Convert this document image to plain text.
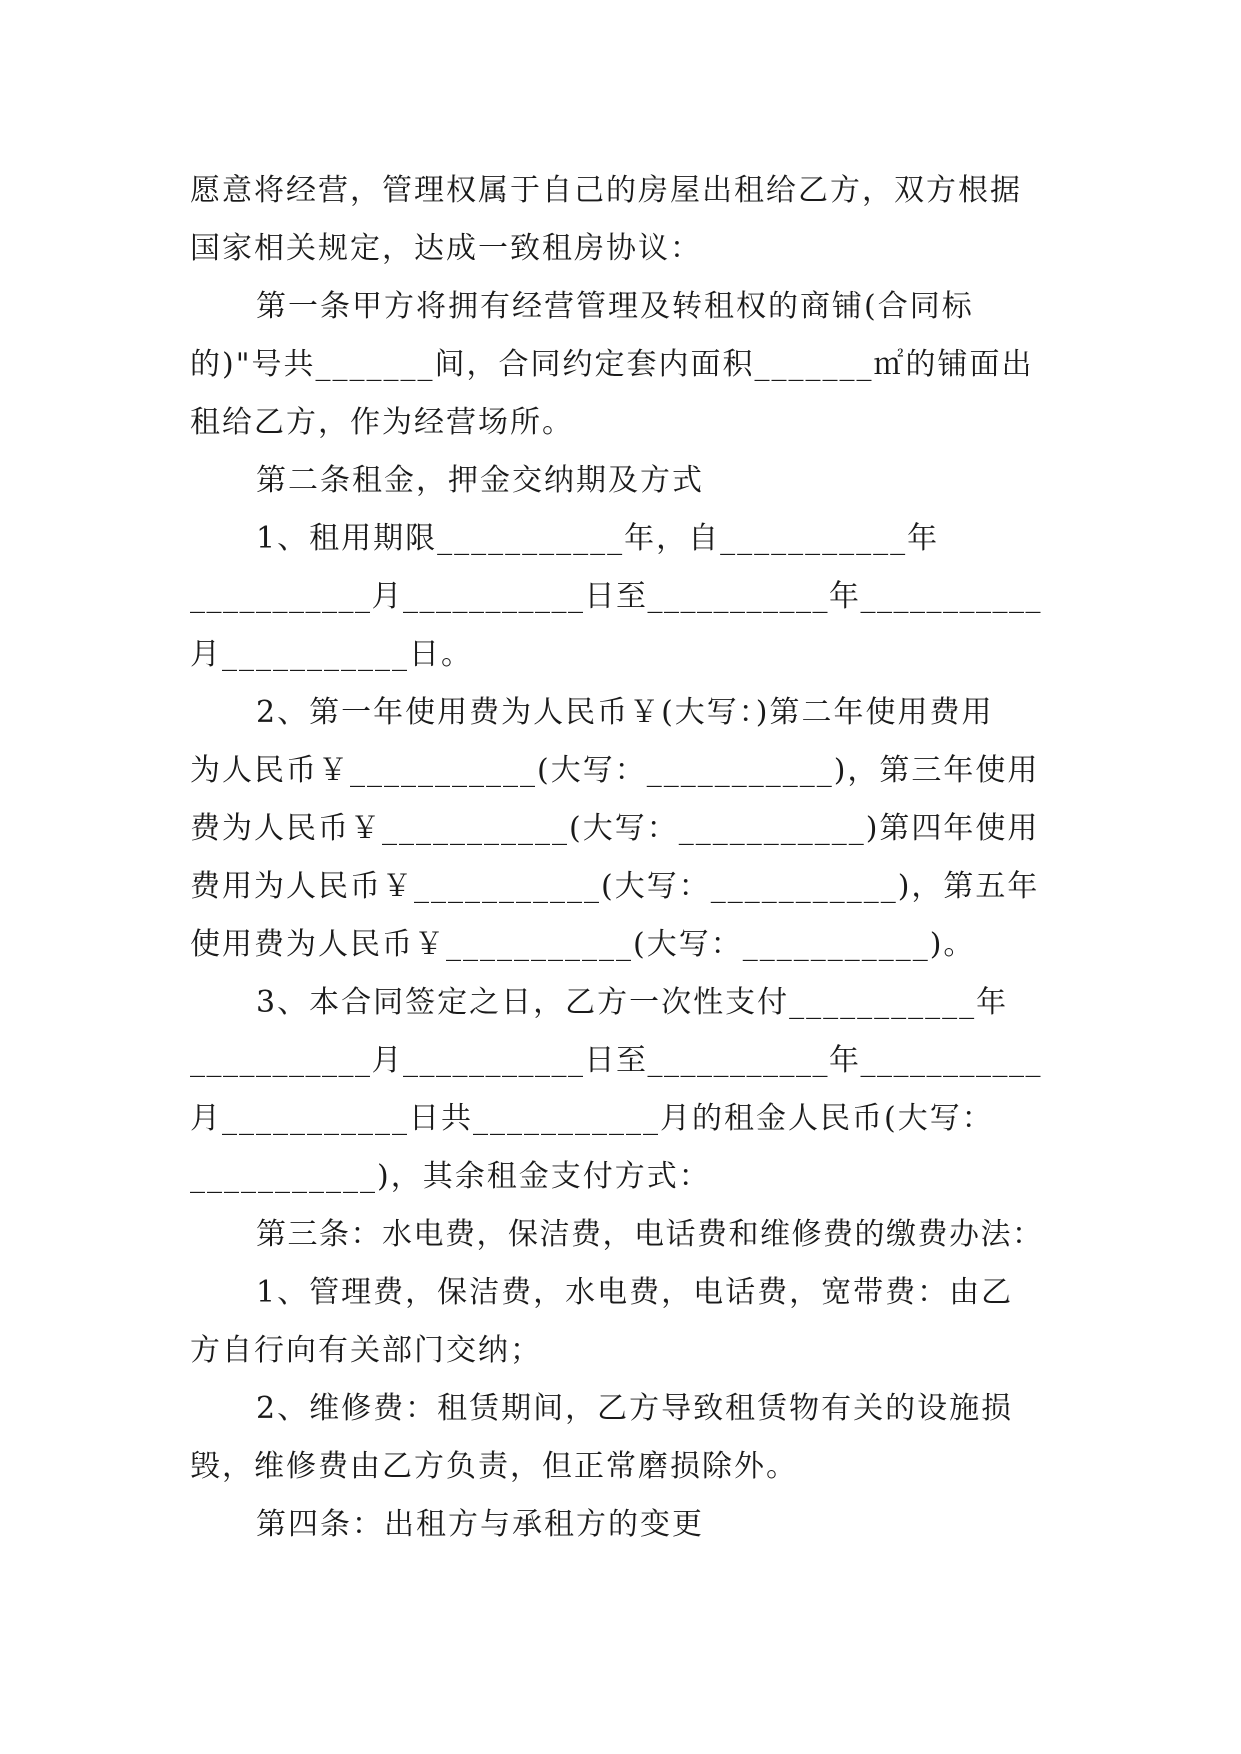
愿意将经营，管理权属于自己的房屋出租给乙方，双方根据
国家相关规定，达成一致租房协议：
第一条甲方将拥有经营管理及转租权的商铺(合同标
的)"号共_______间，合同约定套内面积_______㎡的铺面出
租给乙方，作为经营场所。
第二条租金，押金交纳期及方式
1、租用期限___________年，自___________年
___________月___________日至___________年___________
月___________日。
2、第一年使用费为人民币￥(大写：)第二年使用费用
为人民币￥___________(大写：___________)，第三年使用
费为人民币￥___________(大写：___________)第四年使用
费用为人民币￥___________(大写：___________)，第五年
使用费为人民币￥___________(大写：___________)。
3、本合同签定之日，乙方一次性支付___________年
___________月___________日至___________年___________
月___________日共___________月的租金人民币(大写：
___________)，其余租金支付方式：
第三条：水电费，保洁费，电话费和维修费的缴费办法：
1、管理费，保洁费，水电费，电话费，宽带费：由乙
方自行向有关部门交纳；
2、维修费：租赁期间，乙方导致租赁物有关的设施损
毁，维修费由乙方负责，但正常磨损除外。
第四条：出租方与承租方的变更
